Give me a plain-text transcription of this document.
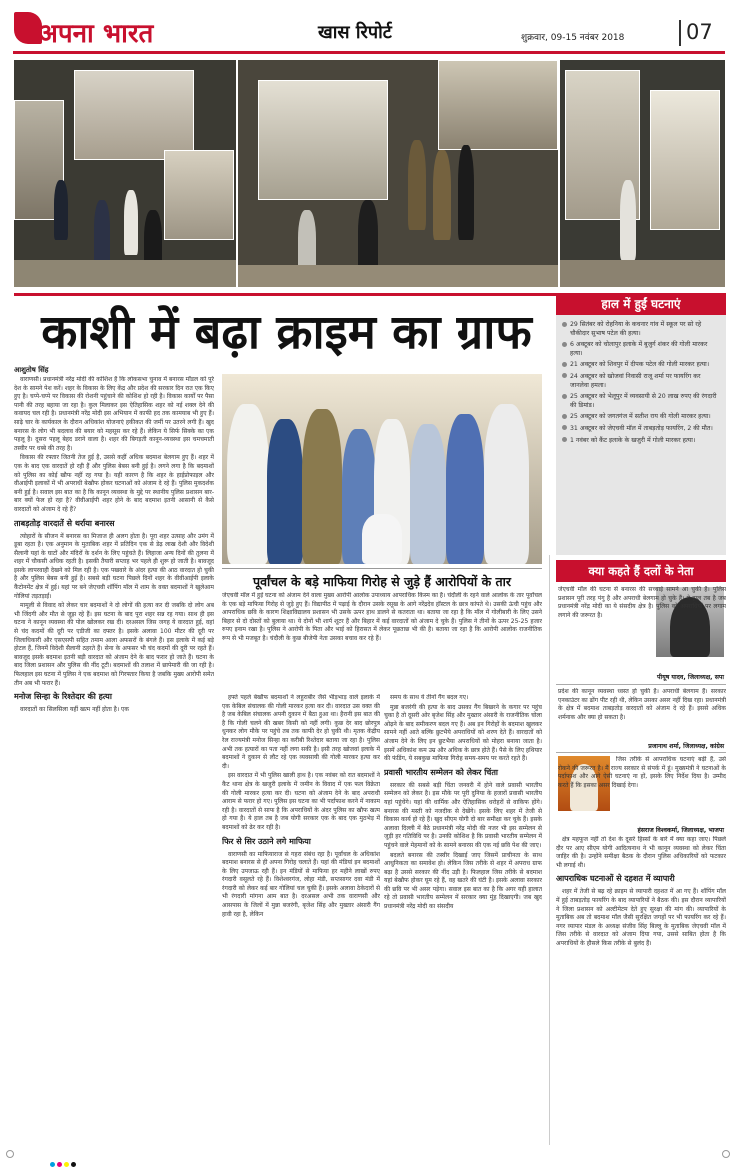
अपना भारत	खास रिपोर्ट	शुक्रवार, 09-15 नवंबर 2018	07
काशी में बढ़ा क्राइम का ग्राफ
आशुतोष सिंह

वाराणसी। प्रधानमंत्री नरेंद्र मोदी की कोशिश है कि लोकसभा चुनाव में बनारस मॉडल को पूरे देश के सामने पेश करें। शहर के विकास के लिए केंद्र और प्रदेश की सरकार दिन रात एक किए हुए है। चप्पे-चप्पे पर विकास की रोशनी पहुंचाने की कोशिश हो रही है। विकास कार्यों पर पैसा पानी की तरह बहाया जा रहा है। कुल मिलाकर इस ऐतिहासिक शहर को नई शक्ल देने की कवायद चल रही है। प्रधानमंत्री नरेंद्र मोदी इस अभियान में काफी हद तक कामयाब भी हुए हैं। साढ़े चार के कार्यकाल के दौरान अधिकांश योजनाएं हकीकत की जमीं पर उतरने लगी हैं। खुद बनारस के लोग भी बदलाव की बयार को महसूस कर रहे हैं। लेकिन ये सिर्फ सिक्के का एक पहलू है। दूसरा पहलू बेहद डराने वाला है। शहर की बिगड़ती कानून-व्यवस्था इस चमचमाती तस्वीर पर धब्बे की तरह है।

विकास की रफ्तार जितनी तेज हुई है, उससे कहीं अधिक बदमाश बेलगाम हुए हैं। शहर में एक के बाद एक वारदातें हो रही हैं और पुलिस बेबस बनी हुई है। लगने लगा है कि बदमाशों को पुलिस का कोई खौफ नहीं रह गया है। यही कारण है कि शहर के हाईप्रोफाइल और वीआईपी इलाकों में भी अपराधी बेखौफ होकर घटनाओं को अंजाम दे रहे हैं। पुलिस मुकदर्शक बनी हुई है। सवाल इस बात का है कि कानून व्यवस्था के मुद्दे पर स्थानीय पुलिस प्रशासन बार-बार क्यों फेल हो रहा है? वीवीआईपी शहर होने के बाद बदमाश इतनी आसानी से कैसे वारदातों को अंजाम दे रहे हैं?

ताबड़तोड़ वारदातें से थर्राया बनारस

त्योहारों के सीजन में बनारस का मिजाज ही अलग होता है। पूरा शहर उत्साह और उमंग में डूबा रहता है। एक अनुमान के मुताबिक शहर में प्रतिदिन एक से डेढ़ लाख देशी और विदेशी सैलानी यहां के घाटों और मंदिरों के दर्शन के लिए पहुंचते हैं। लिहाजा अन्य दिनों की तुलना में शहर में चौकसी अधिक रहती है। इसकी तैयारी सप्ताह भर पहले ही शुरू हो जाती है। बावजूद इसके लापरवाही देखने को मिल रही है। एक पखवारे के अंदर हत्या की आठ वारदात हो चुकी है और पुलिस बेबस बनी हुई है। सबसे बड़ी घटना पिछले दिनों शहर के वीवीआईपी इलाके कैंटोनमेंट क्षेत्र में हुई। यहां पर बने जेएचवी शॉपिंग मॉल में शाम के वक्त बदमाशों ने खुलेआम गोलियां तड़तड़ाईं।

मामूली से विवाद को लेकर चार बदमाशों ने दो लोगों की हत्या कर दी जबकि दो लोग अब भी जिंदगी और मौत से जूझ रहे हैं। इस घटना के बाद पूरा शहर सन्न रह गया। साथ ही इस घटना ने कानून व्यवस्था की पोल खोलकर रख दी। दरअसल जिस जगह ये वारदात हुई, वहां से चंद कदमों की दूरी पर एडीजी का दफ्तर है। इसके अलावा 100 मीटर की दूरी पर जिलाधिकारी और एसएसपी सहित तमाम आला अफसरों के बंगले हैं। इस इलाके में कई बड़े होटल हैं, जिनमें विदेशी सैलानी ठहरते हैं। सेना के अफसर भी चंद कदमों की दूरी पर रहते हैं। बावजूद इसके बदमाश इतनी बड़ी वारदात को अंजाम देने के बाद फरार हो जाते हैं। घटना के बाद जिला प्रशासन और पुलिस की नींद टूटी। बदमाशों की तलाश में छापेमारी की जा रही है। फिलहाल इस घटना में पुलिस ने एक बदमाश को गिरफ्तार किया है जबकि मुख्य आरोपी समेत तीन अब भी फरार हैं।

मनोज सिन्हा के रिश्तेदार की हत्या

वारदातों का सिलसिला यहीं खत्म नहीं होता है। एक

पूर्वांचल के बड़े माफिया गिरोह से जुड़े हैं आरोपियों के तार
जेएचवी मॉल में हुई घटना को अंजाम देने वाला मुख्य आरोपी आलोक उपाध्याय आपराधिक किस्म का है। चंदौली के रहने वाले आलोक के तार पूर्वांचल के एक बड़े माफिया गिरोह से जुड़े हुए हैं। विद्यापीठ में पढ़ाई के दौरान उसके रसूख के आगे नरेंद्रदेव हॉस्टल के छात्र कांपते थे। उसकी ऊंची पहुंच और आपराधिक छवि के कारण शिक्षाविद्यालय प्रशासन भी उसके ऊपर हाथ डालने से कतराता था। बताया जा रहा है कि मॉल में गोलीबारी के लिए उसने बिहार से दो दोस्तों को बुलाया था। ये दोनों भी शार्प शूटर हैं और बिहार में कई वारदातों को अंजाम दे चुके हैं। पुलिस ने तीनों के ऊपर 25-25 हजार रुपए इनाम रखा है। पुलिस ने आरोपी के पिता और भाई को हिरासत में लेकर पूछताछ भी की है। बताया जा रहा है कि आरोपी आलोक राजनीतिक रूप से भी मजबूत है। चंदौली के कुछ बीजेपी नेता उसका बचाव कर रहे हैं।

हफ्ते पहले बेखौफ बदमाशों ने लहुराबीर जैसे भीड़भाड़ वाले इलाके में एक केबिल संचालक की गोली मारकर हत्या कर दी। वारदात उस वक्त की है जब केबिल संचालक अपनी दुकान में बैठा हुआ था। हैरानी इस बात की है कि गोली चलने की खबर किसी को नहीं लगी। कुछ देर बाद छोरपुत्र धुनकर लोग मौके पर पहुंचे तब तक काफी देर हो चुकी थी। मृतक केंद्रीय रेल राज्यमंत्री मनोज सिन्हा का करीबी रिश्तेदार बताया जा रहा है। पुलिस अभी तक हत्यारों का पता नहीं लगा सकी है। इसी तरह खोजवां इलाके में बदमाशों ने दुकान से लौट रहे एक व्यवसायी की गोली मारकर हत्या कर दी।

इस वारदात में भी पुलिस खाली हाथ है। एक नवंबर को रात बदमाशों ने कैंट थाना क्षेत्र के खजुरी इलाके में जमीन के विवाद में एक फल विक्रेता की गोली मारकर हत्या कर दी। घटना को अंजाम देने के बाद अपराधी आराम से फरार हो गए। पुलिस इस घटना का भी पर्दाफाश करने में नाकाम रही है। वारदातों से साफ है कि अपराधियों के अंदर पुलिस का खौफ खत्म हो गया है। ये हाल तब है जब योगी सरकार एक के बाद एक मुठभेड़ में बदमाशों को ढेर कर रही है।

फिर से सिर उठाने लगे माफिया

वाराणसी का माफियाराज से गहरा संबंध रहा है। पूर्वांचल के अधिकांश बदमाश बनारस से ही अपना गिरोह चलाते हैं। यहां की मंडियां इन बदमाशों के लिए उपजाऊ रही हैं। इन मंडियों से माफिया हर महीने लाखों रुपए रंगदारी वसूलते रहे हैं। विशेश्वरगंज, लोहा मंडी, सप्तसागर दवा मंडी में रंगदारी को लेकर कई बार गोलियां चल चुकी हैं। इसके अलावा ठेकेदारों से भी रंगदारी मांगना आम बात है। दरअसल अभी तक वाराणसी और आसपास के जिलों में मुन्ना बजरंगी, बृजेश सिंह और मुख्तार अंसारी गैंग हावी रहा है, लेकिन

समय के साथ ये तीनों गैंग बदल गए।

मुन्ना बजरंगी की हत्या के बाद उसका गैंग बिखरने के कगार पर पहुंच चुका है तो दूसरी ओर बृजेश सिंह और मुख्तार अंसारी के राजनीतिक चोला ओढ़ने के बाद समीकरण बदल गए हैं। अब इन गिरोहों के बदमाश खुलकर सामने नहीं आते बल्कि छुटभैये अपराधियों को शरण देते हैं। वारदातों को अंजाम देने के लिए इन छुटभैया अपराधियों को मोहरा बनाया जाता है। इसमें अधिकांश कम उम्र और अधिक के छात्र होते हैं। पैसे के लिए हथियार की फंडिंग, ये सबकुछ माफिया गिरोह समय-समय पर करते रहते हैं।

प्रवासी भारतीय सम्मेलन को लेकर चिंता

सरकार की सबसे बड़ी चिंता जनवरी में होने वाले प्रवासी भारतीय सम्मेलन को लेकर है। इस मौके पर पूरी दुनिया के हजारों प्रवासी भारतीय यहां पहुंचेंगे। यहां की धार्मिक और ऐतिहासिक धरोहरों से वाकिफ होंगे। बनारस की मस्ती को नजदीक से देखेंगे। इसके लिए शहर में तेजी से विकास कार्य हो रहे हैं। खुद सीएम योगी दो बार समीक्षा कर चुके हैं। इसके अलावा दिल्ली में बैठे प्रधानमंत्री नरेंद्र मोदी की नजर भी इस सम्मेलन से जुड़ी हर गतिविधि पर है। उनकी कोशिश है कि प्रवासी भारतीय सम्मेलन में पहुंचने वाले मेहमानों को के सामने बनारस की एक नई छवि पेश की जाए।

बदलते बनारस की तस्वीर दिखाई जाए जिसमें प्राचीनता के साथ आधुनिकता का समावेश हो। लेकिन जिस तरीके से शहर में अपराध ग्राफ बढ़ा है उससे सरकार की नींद उड़ी है। फिलहाल जिस तरीके से बदमाश यहां बेखौफ होकर घूम रहे हैं, वह खतरे की घंटी है। इसके अलावा सरकार की छवि पर भी असर पड़ेगा। सवाल इस बात का है कि अगर यही हालात रहे तो प्रवासी भारतीय सम्मेलन में सरकार क्या मुंह दिखाएगी। जब खुद प्रधानमंत्री नरेंद्र मोदी का संसदीय

हाल में हुईं घटनाएं
29 सितंबर को रोहनिया के कचनार गांव में स्कूल पर सो रहे चौकीदार सुभाष पटेल की हत्या।
6 अक्टूबर को चोलापुर इलाके में बुजुर्ग शंकर की गोली मारकर हत्या।
21 अक्टूबर को शिवपुर में दीपक पटेल की गोली मारकर हत्या।
24 अक्टूबर को खोजवां निवासी राजू शर्मा पर फायरिंग कर जानलेवा हमला।
25 अक्टूबर को भेलूपुर में व्यवसायी से 20 लाख रुपए की रंगदारी की डिमांड।
25 अक्टूबर को जगतगंज में सतीश राय की गोली मारकर हत्या।
31 अक्टूबर को जेएचवी मॉल में ताबड़तोड़ फायरिंग, 2 की मौत।
1 नवंबर को कैंट इलाके के खजुरी में गोली मारकर हत्या।
क्या कहते हैं दलों के नेता
जेएचवी मॉल की घटना से बनारस की सच्चाई सामने आ चुकी है। पुलिस प्रशासन पूरी तरह पंगु है और अपराधी बेलगाम हो चुके हैं। ये हाल तब है जब प्रधानमंत्री नरेंद्र मोदी का ये संसदीय क्षेत्र है। पुलिस को अपराधियों पर लगाम लगाने की जरूरत है।
पीयूष यादव, जिलाध्यक्ष, सपा
प्रदेश की कानून व्यवस्था ध्वस्त हो चुकी है। अपराधी बेलगाम हैं। सरकार एनकाउंटर का ढोंग पीट रही थी, लेकिन उसका असर नहीं दिख रहा। प्रधानमंत्री के क्षेत्र में बदमाश ताबड़तोड़ वारदातों को अंजाम दे रहे हैं। इससे अधिक शर्मनाक और क्या हो सकता है।
प्रजानाथ शर्मा, जिलाध्यक्ष, कांग्रेस
जिस तरीके से आपराधिक घटनाएं बढ़ी हैं, उसे रोकने की जरूरत है। मैं राज्य सरकार से संपर्क में हूं। मुख्यमंत्री ने घटनाओं के पर्दाफाश और आगे ऐसी घटनाएं ना हों, इसके लिए निर्देश दिया है। उम्मीद करते हैं कि इसका असर दिखाई देगा।
हंसराज विश्वकर्मा, जिलाध्यक्ष, भाजपा

क्षेत्र महफूज नहीं तो देश के दूसरे हिस्सों के बारे में क्या कहा जाए। पिछले दौर पर आए सीएम योगी आदित्यनाथ ने भी कानून व्यवस्था को लेकर चिंता जाहिर की है। उन्होंने समीक्षा बैठक के दौरान पुलिस अधिकारियों को फटकार भी लगाई थी।

आपराधिक घटनाओं से दहशत में व्यापारी

शहर में तेजी से बढ़ रहे क्राइम से व्यापारी दहशत में आ गए हैं। शॉपिंग मॉल में हुई ताबड़तोड़ फायरिंग के बाद व्यापारियों ने बैठक की। इस दौरान व्यापारियों ने जिला प्रशासन को अल्टीमेटम देते हुए सुरक्षा की मांग की। व्यापारियों के मुताबिक अब तो बदमाश मॉल जैसी सुरक्षित जगहों पर भी फायरिंग कर रहे हैं। नगर व्यापार मंडल के अध्यक्ष संजीव सिंह बिल्लू के मुताबिक जेएचवी मॉल में जिस तरीके से वारदात को अंजाम दिया गया, उससे साबित होता है कि अपराधियों के हौसले किस तरीके से बुलंद हैं।
